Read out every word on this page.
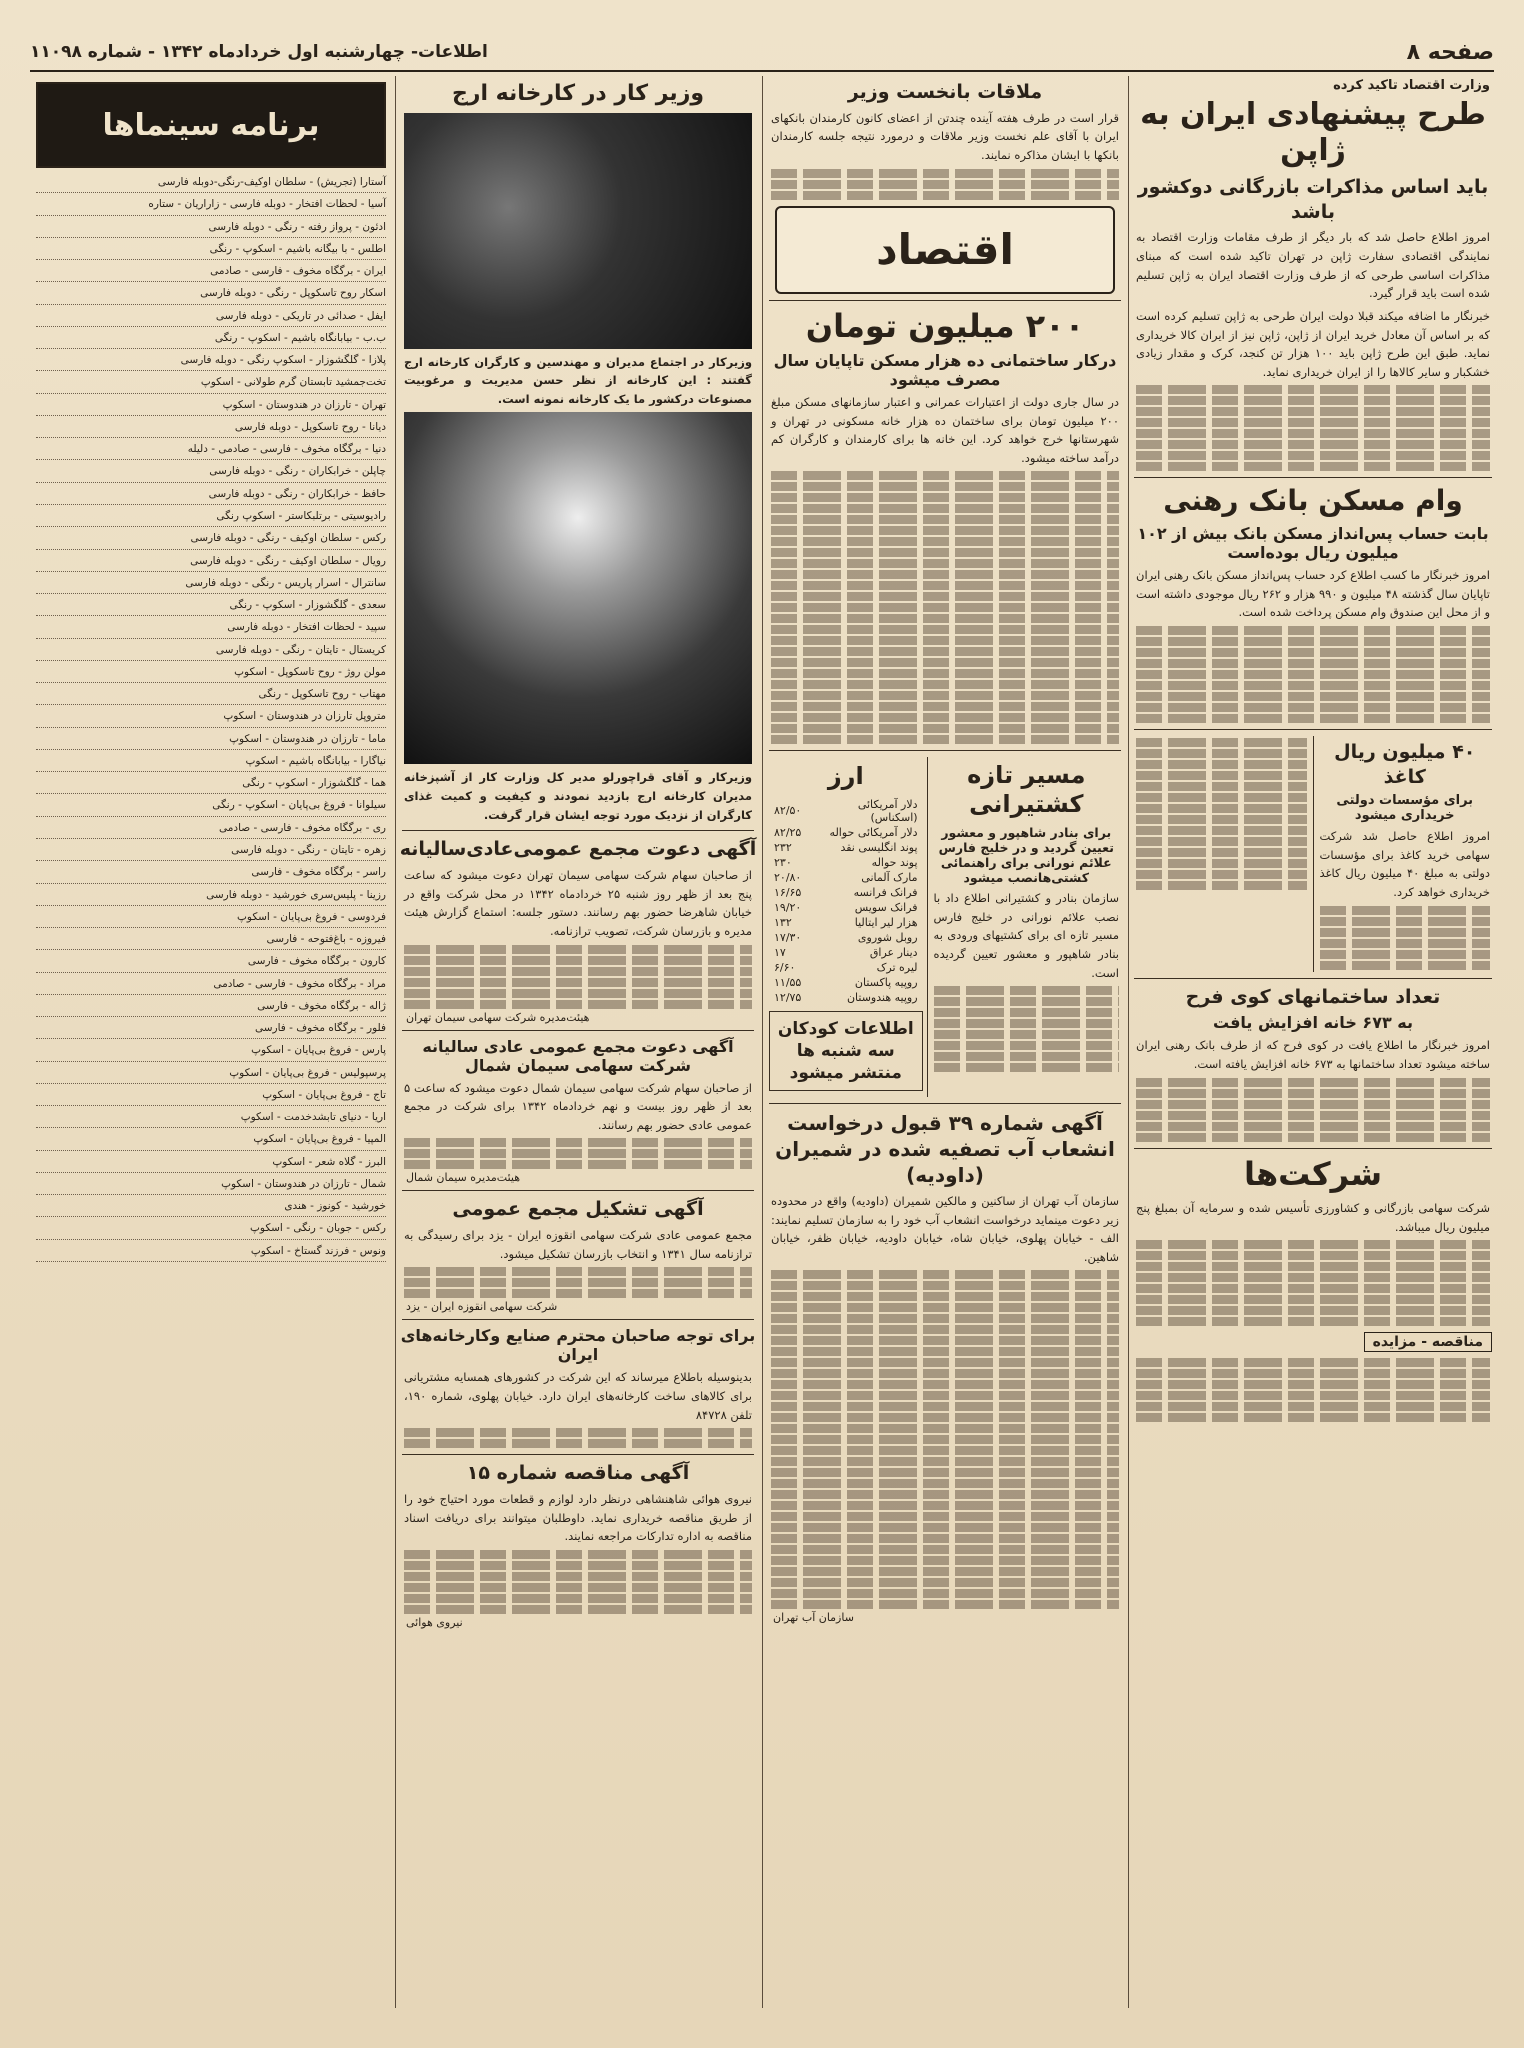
صفحه ۸
اطلاعات- چهارشنبه اول خردادماه ۱۳۴۲ - شماره ۱۱۰۹۸
وزارت اقتصاد تاکید کرده
طرح پیشنهادی ایران به ژاپن
باید اساس مذاکرات بازرگانی دوکشور باشد

امروز اطلاع حاصل شد که بار دیگر از طرف مقامات وزارت اقتصاد به نمایندگی اقتصادی سفارت ژاپن در تهران تاکید شده است که مبنای مذاکرات اساسی طرحی که از طرف وزارت اقتصاد ایران به ژاپن تسلیم شده است باید قرار گیرد.

خبرنگار ما اضافه میکند قبلا دولت ایران طرحی به ژاپن تسلیم کرده است که بر اساس آن معادل خرید ایران از ژاپن، ژاپن نیز از ایران کالا خریداری نماید. طبق این طرح ژاپن باید ۱۰۰ هزار تن کنجد، کرک و مقدار زیادی خشکبار و سایر کالاها را از ایران خریداری نماید.

وام مسکن بانک رهنی
بابت حساب پس‌انداز مسکن بانک بیش از ۱۰۲ میلیون ریال بوده‌است

امروز خبرنگار ما کسب اطلاع کرد حساب پس‌انداز مسکن بانک رهنی ایران تاپایان سال گذشته ۴۸ میلیون و ۹۹۰ هزار و ۲۶۲ ریال موجودی داشته است و از محل این صندوق وام مسکن پرداخت شده است.

۴۰ میلیون ریال کاغذ
برای مؤسسات دولتی خریداری میشود

امروز اطلاع حاصل شد شرکت سهامی خرید کاغذ برای مؤسسات دولتی به مبلغ ۴۰ میلیون ریال کاغذ خریداری خواهد کرد.

تعداد ساختمانهای کوی فرح
به ۶۷۳ خانه افزایش یافت

امروز خبرنگار ما اطلاع یافت در کوی فرح که از طرف بانک رهنی ایران ساخته میشود تعداد ساختمانها به ۶۷۳ خانه افزایش یافته است.

شرکت‌ها

شرکت سهامی بازرگانی و کشاورزی تأسیس شده و سرمایه آن بمبلغ پنج میلیون ریال میباشد.

مناقصه - مزایده
ملاقات بانخست وزیر

قرار است در طرف هفته آینده چندتن از اعضای کانون کارمندان بانکهای ایران با آقای علم نخست وزیر ملاقات و درمورد نتیجه جلسه کارمندان بانکها با ایشان مذاکره نمایند.

اقتصاد
۲۰۰ میلیون تومان
درکار ساختمانی ده هزار مسکن تاپایان سال مصرف میشود

در سال جاری دولت از اعتبارات عمرانی و اعتبار سازمانهای مسکن مبلغ ۲۰۰ میلیون تومان برای ساختمان ده هزار خانه مسکونی در تهران و شهرستانها خرج خواهد کرد. این خانه ها برای کارمندان و کارگران کم درآمد ساخته میشود.

مسیر تازه کشتیرانی
برای بنادر شاهپور و معشور تعیین گردید و در خلیج فارس علائم نورانی برای راهنمائی کشتی‌هانصب میشود

سازمان بنادر و کشتیرانی اطلاع داد با نصب علائم نورانی در خلیج فارس مسیر تازه ای برای کشتیهای ورودی به بنادر شاهپور و معشور تعیین گردیده است.

ارز
دلار آمریکائی (اسکناس)	۸۲/۵۰
دلار آمریکائی حواله	۸۲/۲۵
پوند انگلیسی نقد	۲۳۲
پوند حواله	۲۳۰
مارک آلمانی	۲۰/۸۰
فرانک فرانسه	۱۶/۶۵
فرانک سویس	۱۹/۲۰
هزار لیر ایتالیا	۱۳۲
روبل شوروی	۱۷/۳۰
دینار عراق	۱۷
لیره ترک	۶/۶۰
روپیه پاکستان	۱۱/۵۵
روپیه هندوستان	۱۲/۷۵
اطلاعات کودکان سه شنبه ها منتشر میشود
آگهی شماره ۳۹ قبول درخواست انشعاب آب تصفیه شده در شمیران (داودیه)

سازمان آب تهران از ساکنین و مالکین شمیران (داودیه) واقع در محدوده زیر دعوت مینماید درخواست انشعاب آب خود را به سازمان تسلیم نمایند: الف - خیابان پهلوی، خیابان شاه، خیابان داودیه، خیابان ظفر، خیابان شاهین.

سازمان آب تهران
وزیر کار در کارخانه ارج

وزیرکار در اجتماع مدیران و مهندسین و کارگران کارخانه ارج گفتند : این کارخانه از نظر حسن مدیریت و مرغوبیت مصنوعات درکشور ما یک کارخانه نمونه است.

وزیرکار و آقای قراچورلو مدیر کل وزارت کار از آشپزخانه مدیران کارخانه ارج بازدید نمودند و کیفیت و کمیت غذای کارگران از نزدیک مورد توجه ایشان قرار گرفت.

آگهی دعوت مجمع عمومی‌عادی‌سالیانه

از صاحبان سهام شرکت سهامی سیمان تهران دعوت میشود که ساعت پنج بعد از ظهر روز شنبه ۲۵ خردادماه ۱۳۴۲ در محل شرکت واقع در خیابان شاهرضا حضور بهم رسانند. دستور جلسه: استماع گزارش هیئت مدیره و بازرسان شرکت، تصویب ترازنامه.

هیئت‌مدیره شرکت سهامی سیمان تهران
آگهی دعوت مجمع عمومی عادی سالیانه شرکت سهامی سیمان شمال

از صاحبان سهام شرکت سهامی سیمان شمال دعوت میشود که ساعت ۵ بعد از ظهر روز بیست و نهم خردادماه ۱۳۴۲ برای شرکت در مجمع عمومی عادی حضور بهم رسانند.

هیئت‌مدیره سیمان شمال
آگهی تشکیل مجمع عمومی

مجمع عمومی عادی شرکت سهامی انقوزه ایران - یزد برای رسیدگی به ترازنامه سال ۱۳۴۱ و انتخاب بازرسان تشکیل میشود.

شرکت سهامی انقوزه ایران - یزد
برای توجه صاحبان محترم صنایع وکارخانه‌های ایران

بدینوسیله باطلاع میرساند که این شرکت در کشورهای همسایه مشتریانی برای کالاهای ساخت کارخانه‌های ایران دارد. خیابان پهلوی، شماره ۱۹۰، تلفن ۸۴۷۲۸

آگهی مناقصه شماره ۱۵

نیروی هوائی شاهنشاهی درنظر دارد لوازم و قطعات مورد احتیاج خود را از طریق مناقصه خریداری نماید. داوطلبان میتوانند برای دریافت اسناد مناقصه به اداره تدارکات مراجعه نمایند.

نیروی هوائی
برنامه سینماها
آستارا (تجریش) - سلطان اوکیف-رنگی-دوبله فارسی
آسیا - لحظات افتخار - دوبله فارسی - زاراریان - ستاره
ادئون - پرواز رفته - رنگی - دوبله فارسی
اطلس - با بیگانه باشیم - اسکوپ - رنگی
ایران - برگگاه مخوف - فارسی - صادمی
اسکار روح تاسکوپل - رنگی - دوبله فارسی
ایفل - صدائی در تاریکی - دوبله فارسی
ب.ب - بیابانگاه باشیم - اسکوپ - رنگی
پلازا - گلگشوزار - اسکوپ رنگی - دوبله فارسی
تخت‌جمشید تابستان گرم طولانی - اسکوپ
تهران - تارزان در هندوستان - اسکوپ
دیانا - روح تاسکوپل - دوبله فارسی
دنیا - برگگاه مخوف - فارسی - صادمی - دلیله
چاپلن - خرابکاران - رنگی - دوبله فارسی
حافظ - خرابکاران - رنگی - دوبله فارسی
رادیوسیتی - برتلبکاستر - اسکوپ رنگی
رکس - سلطان اوکیف - رنگی - دوبله فارسی
رویال - سلطان اوکیف - رنگی - دوبله فارسی
سانترال - اسرار پاریس - رنگی - دوبله فارسی
سعدی - گلگشوزار - اسکوپ - رنگی
سپید - لحظات افتخار - دوبله فارسی
کریستال - تایتان - رنگی - دوبله فارسی
مولن روژ - روح تاسکوپل - اسکوپ
مهتاب - روح تاسکوپل - رنگی
متروپل تارزان در هندوستان - اسکوپ
ماما - تارزان در هندوستان - اسکوپ
نیاگارا - بیابانگاه باشیم - اسکوپ
هما - گلگشوزار - اسکوپ - رنگی
سیلوانا - فروغ بی‌پایان - اسکوپ - رنگی
ری - برگگاه مخوف - فارسی - صادمی
زهره - تایتان - رنگی - دوبله فارسی
راسر - برگگاه مخوف - فارسی
رزینا - پلیس‌سری خورشید - دوبله فارسی
فردوسی - فروغ بی‌پایان - اسکوپ
فیروزه - باغ‌فتوحه - فارسی
کارون - برگگاه مخوف - فارسی
مراد - برگگاه مخوف - فارسی - صادمی
ژاله - برگگاه مخوف - فارسی
فلور - برگگاه مخوف - فارسی
پارس - فروغ بی‌پایان - اسکوپ
پرسپولیس - فروغ بی‌پایان - اسکوپ
تاج - فروغ بی‌پایان - اسکوپ
اریا - دنیای تابشدخدمت - اسکوپ
المپیا - فروغ بی‌پایان - اسکوپ
البرز - گلاه شعر - اسکوپ
شمال - تارزان در هندوستان - اسکوپ
خورشید - کونوز - هندی
رکس - جوبان - رنگی - اسکوپ
ونوس - فرزند گستاخ - اسکوپ
